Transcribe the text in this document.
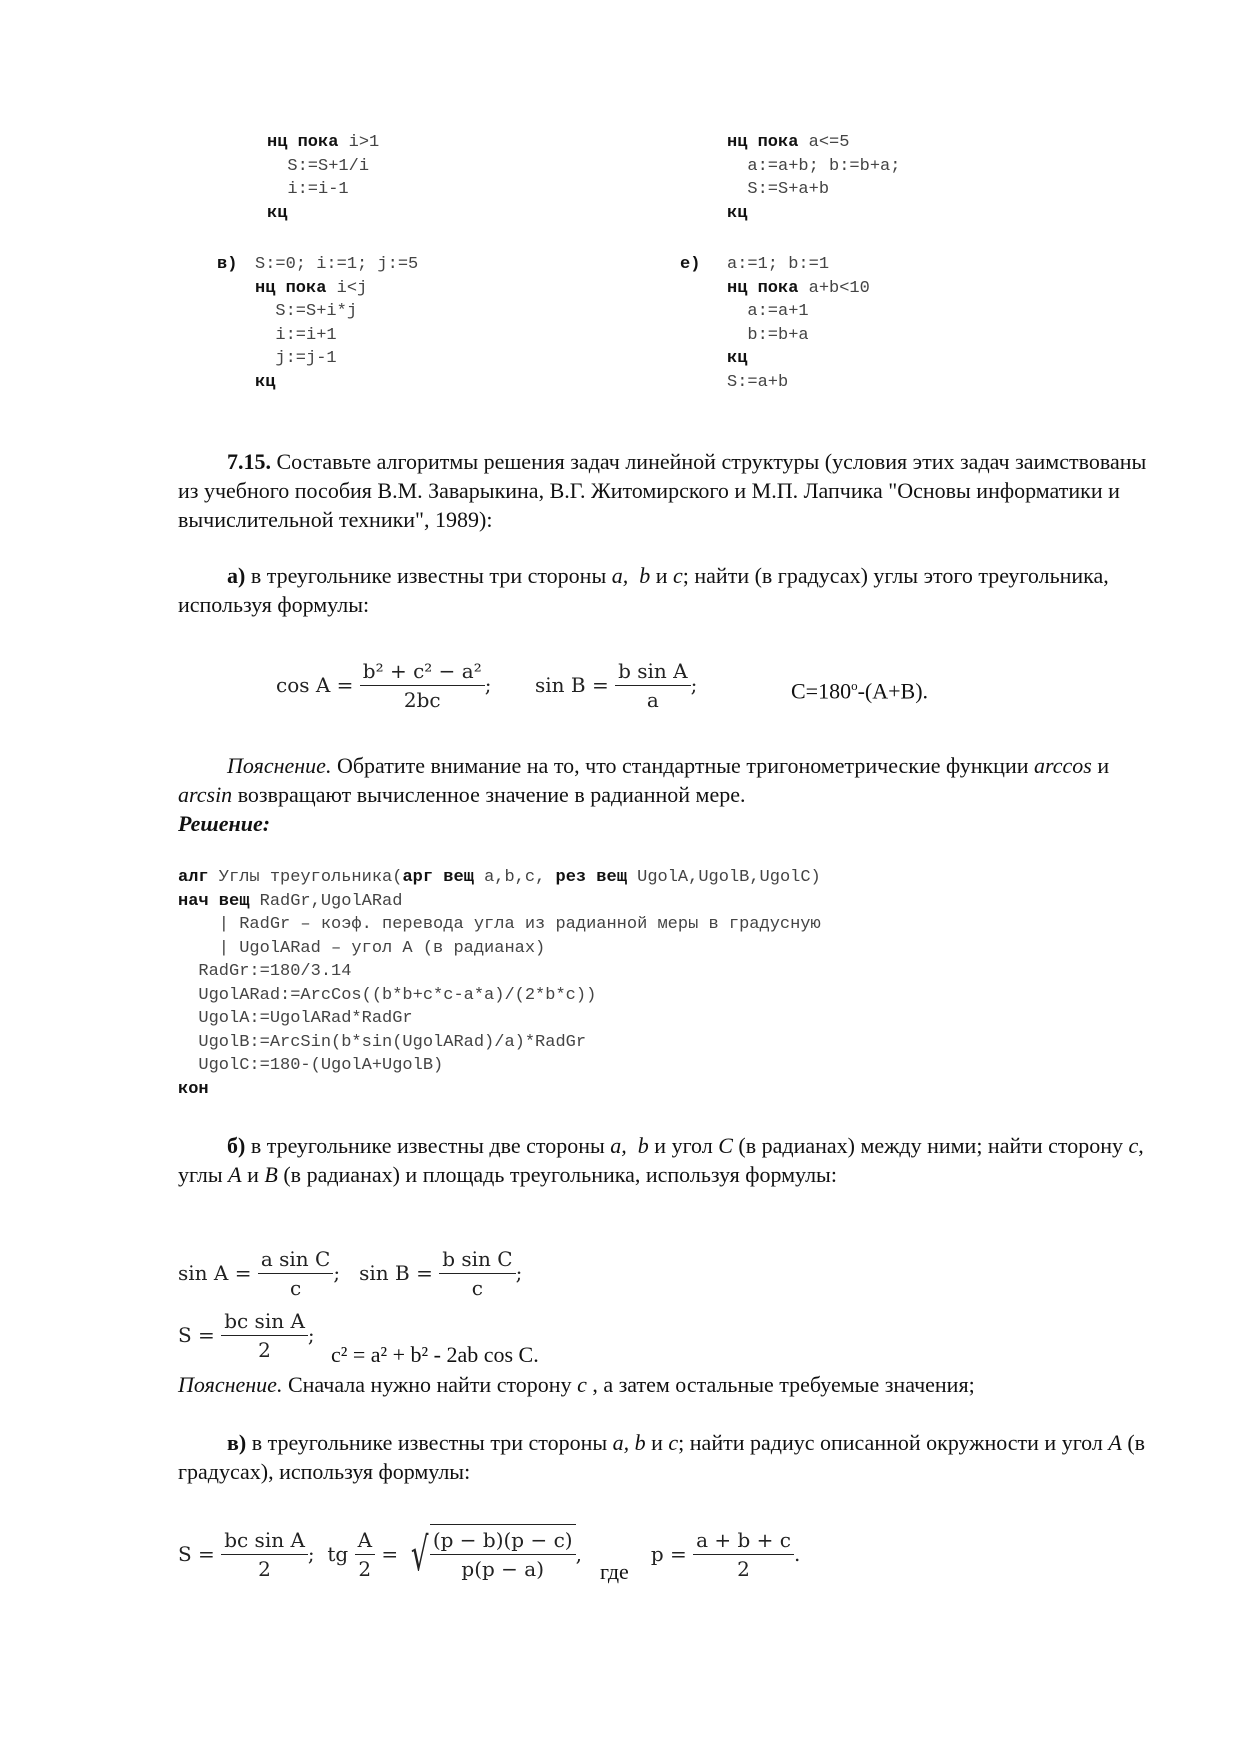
нц пока i>1
S:=S+1/i
i:=i-1
кц
нц пока a<=5
a:=a+b; b:=b+a;
S:=S+a+b
кц
в) S:=0; i:=1; j:=5
нц пока i<j
S:=S+i*j
i:=i+1
j:=j-1
кц
е) a:=1; b:=1
нц пока a+b<10
a:=a+1
b:=b+a
кц
S:=a+b
7.15. Составьте алгоритмы решения задач линейной структуры (условия этих задач заимствованы из учебного пособия В.М. Заварыкина, В.Г. Житомирского и М.П. Лапчика "Основы информатики и вычислительной техники", 1989):
а) в треугольнике известны три стороны a, b и c; найти (в градусах) углы этого треугольника, используя формулы:
cos A =
$\frac{\text{b² + c² − a²}}{2bc}$ ; sin B =
$\frac{\text{b sin A}}{a}$ ;	$C=180^o-(A+B)$.
Пояснение. Обратите внимание на то, что стандартные тригонометрические функции arccos и arcsin возвращают вычисленное значение в радианной мере.
Решение:
алг Углы треугольника(арг вещ a,b,c, рез вещ UgolA,UgolB,UgolC)
нач вещ RadGr,UgolARad
| RadGr – коэф. перевода угла из радианной меры в градусную
| UgolARad – угол A (в радианах)
RadGr:=180/3.14
UgolARad:=ArcCos((b*b+c*c-a*a)/(2*b*c))
UgolA:=UgolARad*RadGr
UgolB:=ArcSin(b*sin(UgolARad)/a)*RadGr
UgolC:=180-(UgolA+UgolB)
кон
б) в треугольнике известны две стороны a, b и угол C (в радианах) между ними; найти сторону c, углы A и B (в радианах) и площадь треугольника, используя формулы:
sin A =
$\frac{\text{a sin C}}{c}$ ;
sin B =
$\frac{\text{b sin C}}{c}$ ;
S =
$\frac{\text{bc sin A}}{2}$ ;
c² = a² + b² - 2ab cos C.
Пояснение. Сначала нужно найти сторону c , а затем остальные требуемые значения;
в) в треугольнике известны три стороны a, b и c; найти радиус описанной окружности и угол A (в градусах), используя формулы:
S =
$\frac{\text{bc sin A}}{2}$ ;
tg
$\frac{A}{2}$
=
√ $\frac{(p - b)(p - c)}{p(p - a)}$ ,
где
p =
$\frac{a + b + c}{2}$ .
